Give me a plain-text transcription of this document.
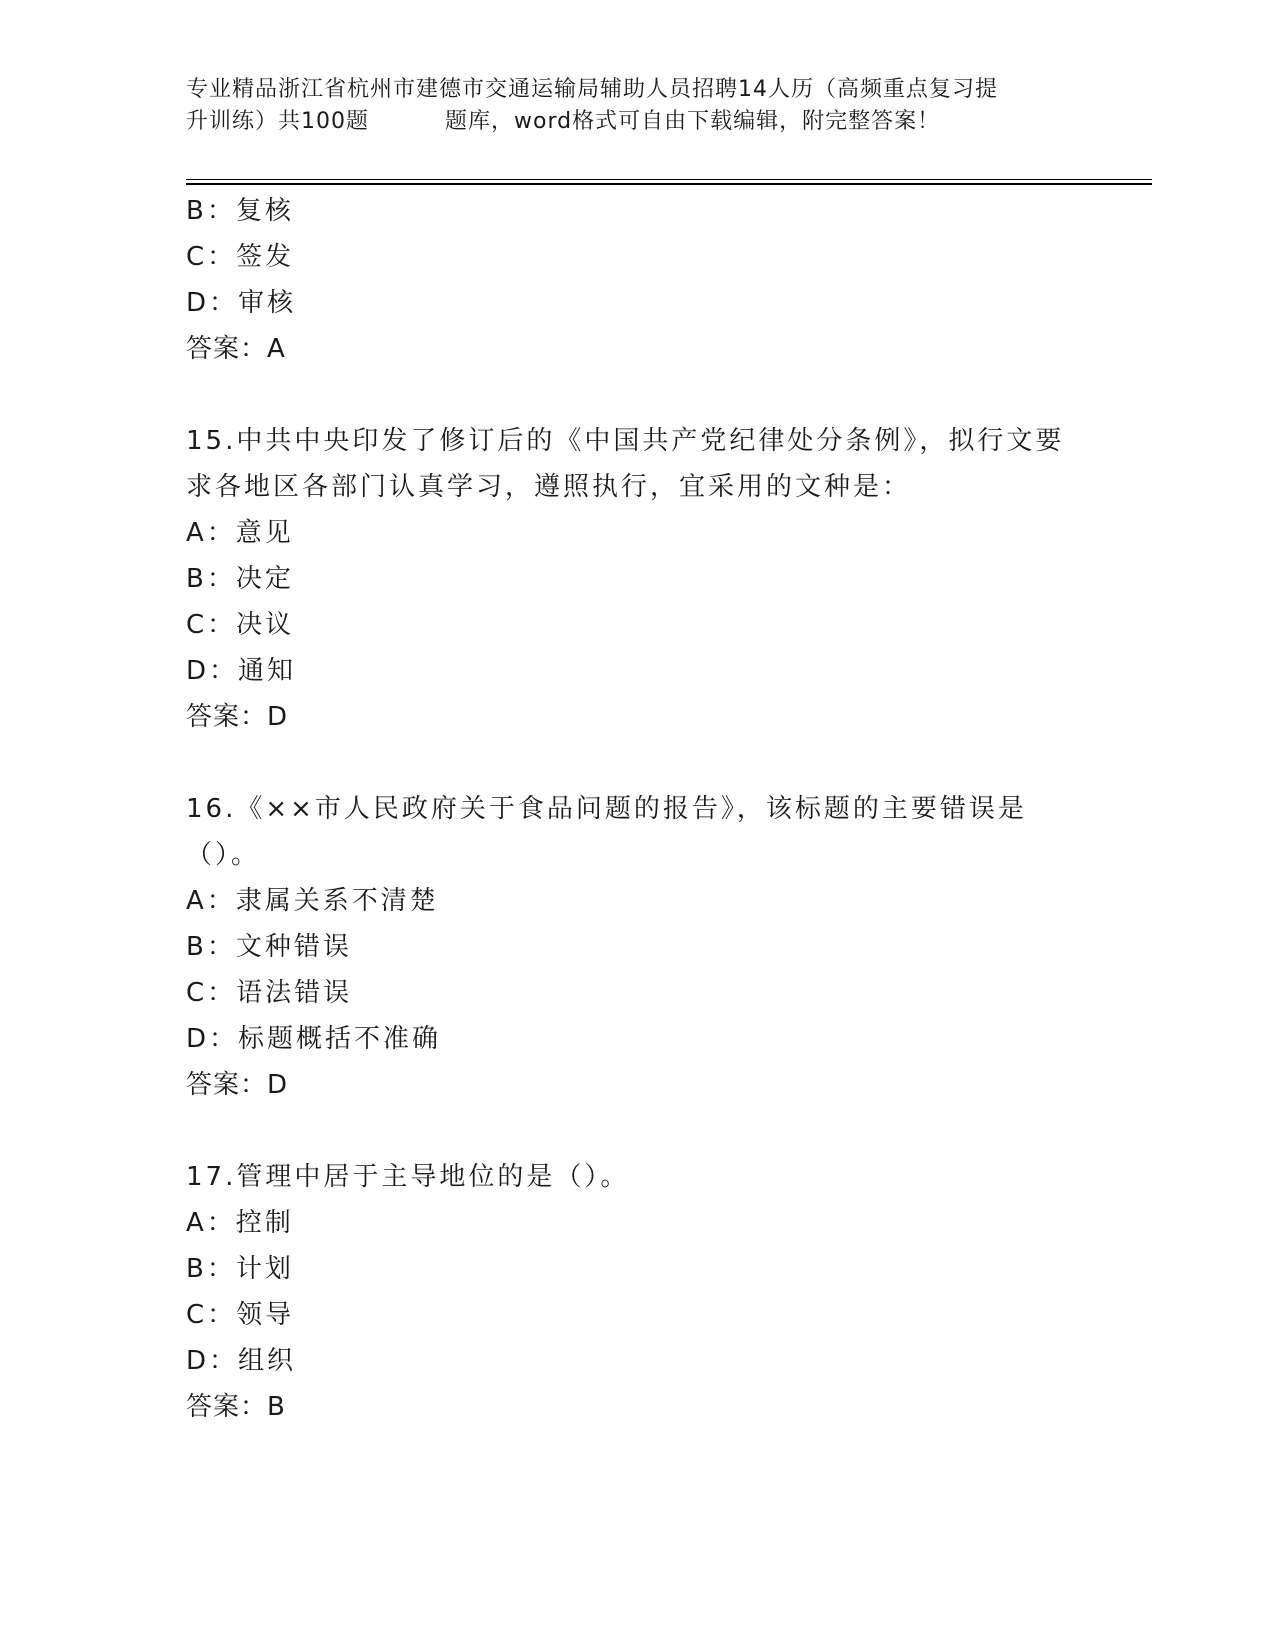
专业精品浙江省杭州市建德市交通运输局辅助人员招聘14人历（高频重点复习提
升训练）共100题	题库，word格式可自由下载编辑，附完整答案！
B：复核
C：签发
D：审核
答案：A
15.中共中央印发了修订后的《中国共产党纪律处分条例》，拟行文要求各地区各部门认真学习，遵照执行，宜采用的文种是：
A：意见
B：决定
C：决议
D：通知
答案：D
16.《××市人民政府关于食品问题的报告》，该标题的主要错误是（）。
A：隶属关系不清楚
B：文种错误
C：语法错误
D：标题概括不准确
答案：D
17.管理中居于主导地位的是（）。
A：控制
B：计划
C：领导
D：组织
答案：B
